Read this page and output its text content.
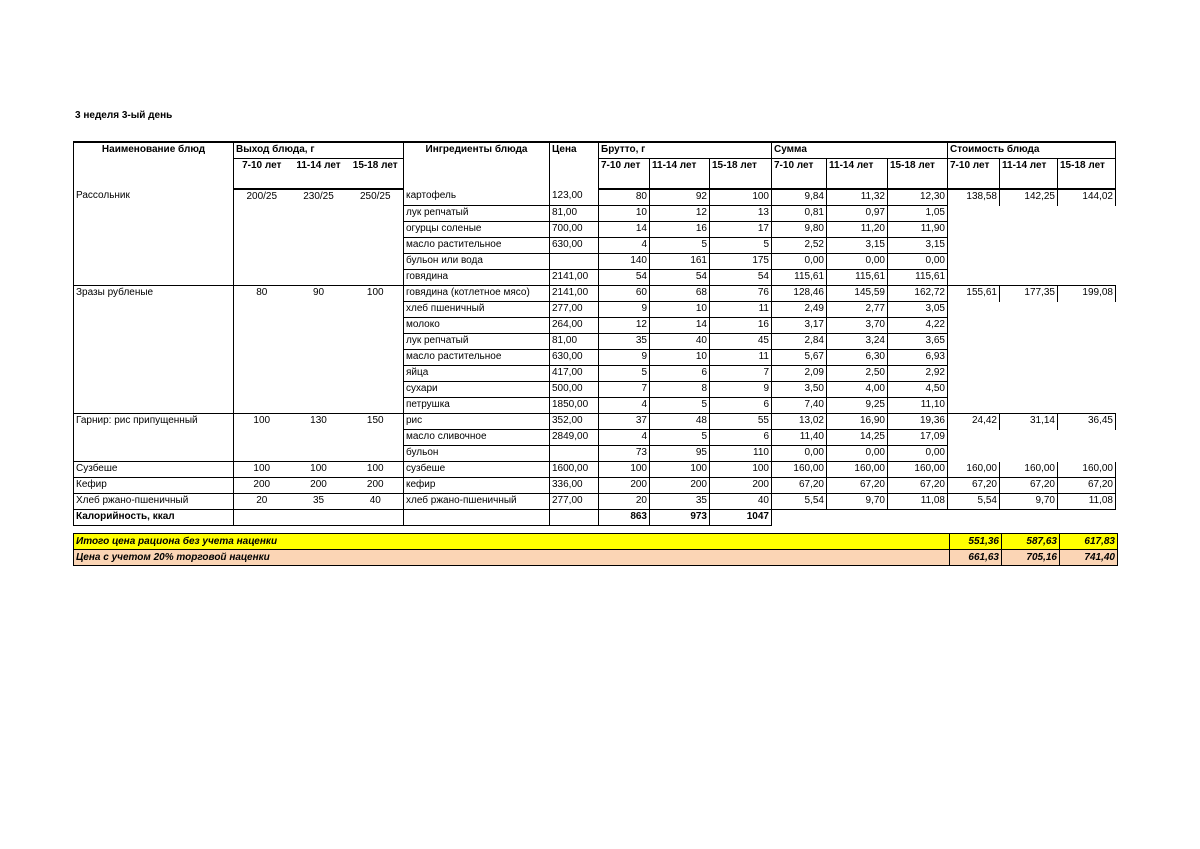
3 неделя 3-ый день
Наименование блюд	Выход блюда, г			Ингредиенты блюда	Цена	Брутто, г			Сумма			Стоимость блюда		
	7-10 лет	11-14 лет	15-18 лет			7-10 лет	11-14 лет	15-18 лет	7-10 лет	11-14 лет	15-18 лет	7-10 лет	11-14 лет	15-18 лет
Рассольник	200/25	230/25	250/25	картофель	123,00	80	92	100	9,84	11,32	12,30	138,58	142,25	144,02
				лук репчатый	81,00	10	12	13	0,81	0,97	1,05			
				огурцы соленые	700,00	14	16	17	9,80	11,20	11,90			
				масло растительное	630,00	4	5	5	2,52	3,15	3,15			
				бульон или вода		140	161	175	0,00	0,00	0,00			
				говядина	2141,00	54	54	54	115,61	115,61	115,61			
Зразы рубленые	80	90	100	говядина (котлетное мясо)	2141,00	60	68	76	128,46	145,59	162,72	155,61	177,35	199,08
				хлеб пшеничный	277,00	9	10	11	2,49	2,77	3,05			
				молоко	264,00	12	14	16	3,17	3,70	4,22			
				лук репчатый	81,00	35	40	45	2,84	3,24	3,65			
				масло растительное	630,00	9	10	11	5,67	6,30	6,93			
				яйца	417,00	5	6	7	2,09	2,50	2,92			
				сухари	500,00	7	8	9	3,50	4,00	4,50			
				петрушка	1850,00	4	5	6	7,40	9,25	11,10			
Гарнир: рис припущенный	100	130	150	рис	352,00	37	48	55	13,02	16,90	19,36	24,42	31,14	36,45
				масло сливочное	2849,00	4	5	6	11,40	14,25	17,09			
				бульон		73	95	110	0,00	0,00	0,00			
Сузбеше	100	100	100	сузбеше	1600,00	100	100	100	160,00	160,00	160,00	160,00	160,00	160,00
Кефир	200	200	200	кефир	336,00	200	200	200	67,20	67,20	67,20	67,20	67,20	67,20
Хлеб ржано-пшеничный	20	35	40	хлеб ржано-пшеничный	277,00	20	35	40	5,54	9,70	11,08	5,54	9,70	11,08
Калорийность, ккал						863	973	1047						
Итого цена рациона без учета наценки	551,36	587,63	617,83
Цена с учетом 20% торговой наценки	661,63	705,16	741,40
